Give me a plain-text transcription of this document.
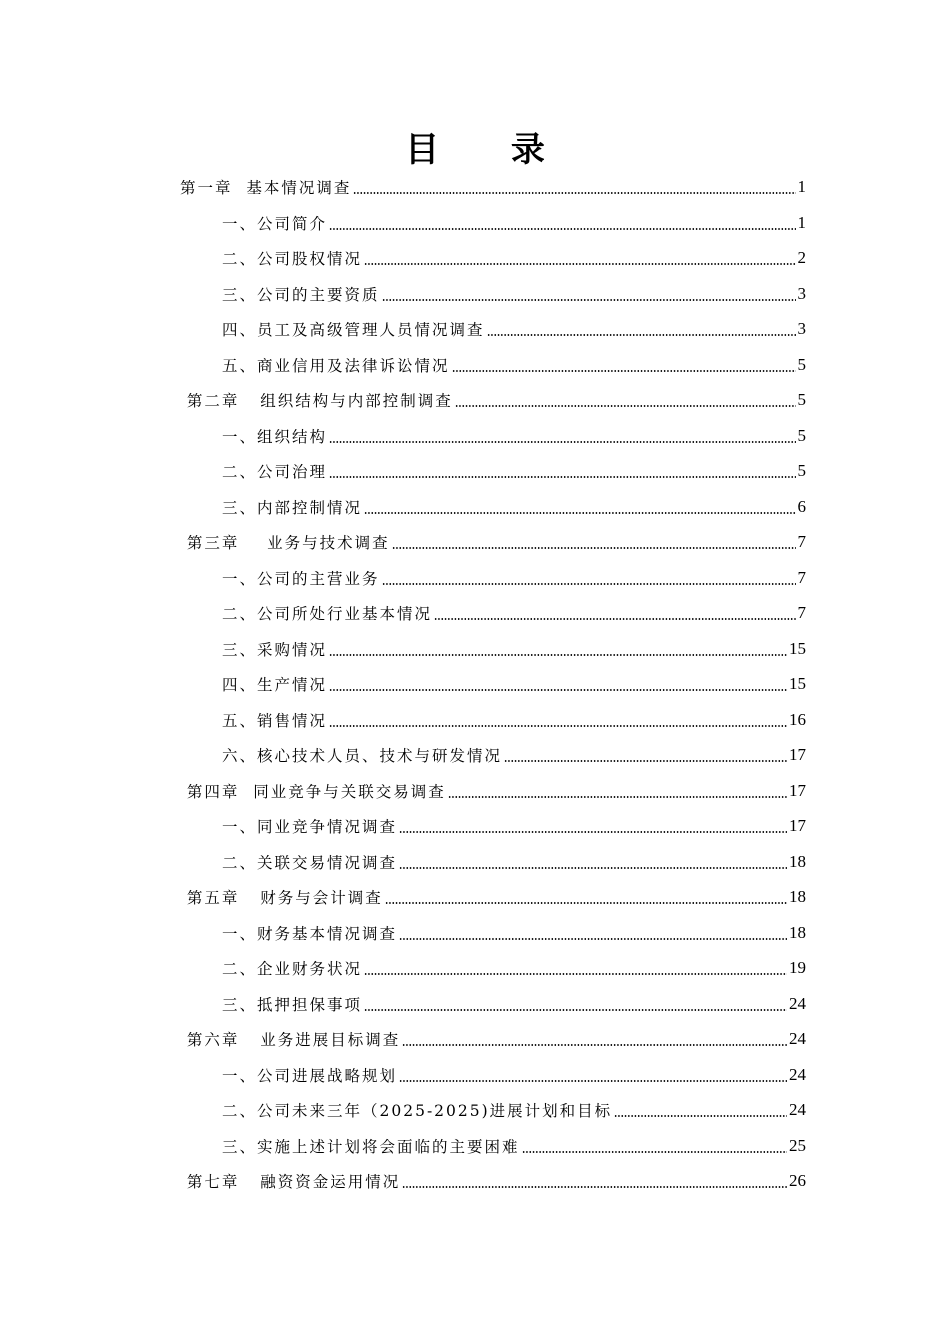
目 录
第一章  基本情况调查	1
一、公司简介	1
二、公司股权情况	2
三、公司的主要资质	3
四、员工及高级管理人员情况调查	3
五、商业信用及法律诉讼情况	5
第二章   组织结构与内部控制调查	5
一、组织结构	5
二、公司治理	5
三、内部控制情况	6
第三章    业务与技术调查	7
一、公司的主营业务	7
二、公司所处行业基本情况	7
三、采购情况	15
四、生产情况	15
五、销售情况	16
六、核心技术人员、技术与研发情况	17
第四章  同业竞争与关联交易调查	17
一、同业竞争情况调查	17
二、关联交易情况调查	18
第五章   财务与会计调查	18
一、财务基本情况调查	18
二、企业财务状况	19
三、抵押担保事项	24
第六章   业务进展目标调查	24
一、公司进展战略规划	24
二、公司未来三年（2025-2025)进展计划和目标	24
三、实施上述计划将会面临的主要困难	25
第七章   融资资金运用情况	26
